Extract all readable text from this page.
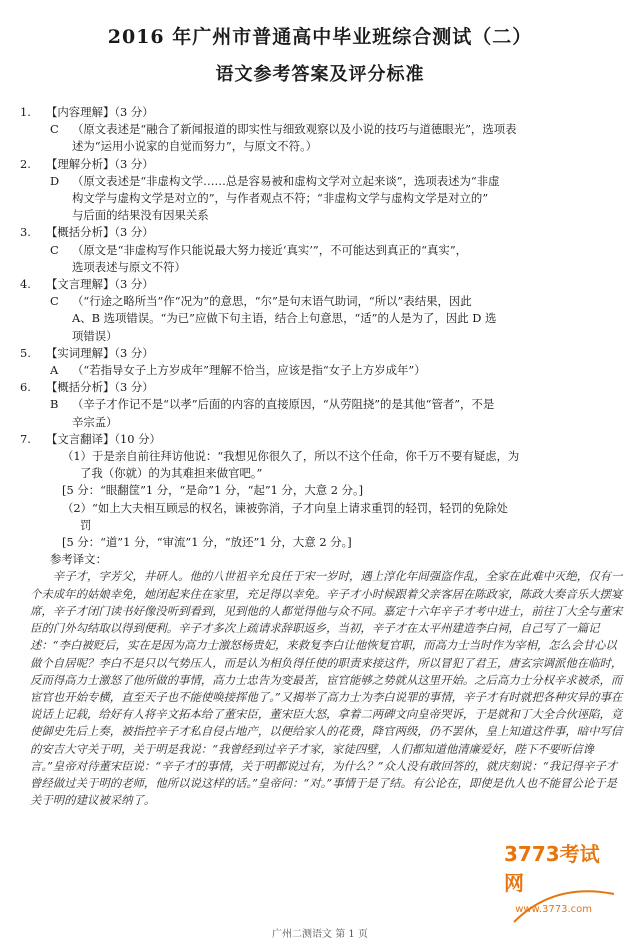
2016 年广州市普通高中毕业班综合测试（二）
语文参考答案及评分标准
1. 【内容理解】（3 分）
C （原文表述是“融合了新闻报道的即实性与细致观察以及小说的技巧与道德眼光”，选项表
述为“运用小说家的自觉而努力”，与原文不符。）
2. 【理解分析】（3 分）
D （原文表述是“非虚构文学……总是容易被和虚构文学对立起来谈”，选项表述为“非虚
构文学与虚构文学是对立的”，与作者观点不符；“非虚构文学与虚构文学是对立的”
与后面的结果没有因果关系
3. 【概括分析】（3 分）
C （原文是“非虚构写作只能说最大努力接近‘真实’”，不可能达到真正的“真实”，
选项表述与原文不符）
4. 【文言理解】（3 分）
C （“行途之略所当”作“况为”的意思，“尔”是句末语气助词，“所以”表结果，因此
A、B 选项错误。“为已”应做下句主语，结合上句意思，“适”的人是为了，因此 D 选
项错误）
5. 【实词理解】（3 分）
A （“若指导女子上方岁成年”理解不恰当，应该是指“女子上方岁成年”）
6. 【概括分析】（3 分）
B （辛子才作记不是“以孝”后面的内容的直接原因，“从劳阻挠”的是其他“管者”，不是
辛宗孟）
7. 【文言翻译】（10 分）
（1）于是亲自前往拜访他说：“我想见你很久了，所以不这个任命，你千万不要有疑虑，为
了我（你就）的为其难担来做官吧。”
[5 分：“眼翻筐”1 分，“是命”1 分，“起”1 分，大意 2 分。]
（2）“如上大夫相互顾忌的权名，谏被弥消，子才向皇上请求重罚的轻罚，轻罚的免除处
罚
[5 分：“道”1 分，“审流”1 分，“放还”1 分，大意 2 分。]
参考译文：
辛子才，字芳父，井研人。他的八世祖辛允良任于宋一岁时，遇上淳化年间强盗作乱，全家在此难中灭绝，仅有一个未成年的姑娘幸免，她闭起来住在家里，充足得以幸免。辛子才小时候跟着父亲客居在陈政家，陈政大奏音乐大摆宴席，辛子才闭门读书好像没听到看到，见到他的人都觉得他与众不同。嘉定十六年辛子才考中进士，前往丁大全与董宋臣的门外勾结取以得到便利。辛子才多次上疏请求辞职返乡，当初，辛子才在太平州建造李白祠，自己写了一篇记述：“李白被贬后，实在是因为高力士激怒杨贵妃，来救复李白让他恢复官职，而高力士当时作为宰相，怎么会甘心以做个自居呢？李白不是只以气势压人，而是认为相负得任使的职责来接这件，所以冒犯了君王，唐玄宗调派他在临时，反而得高力士激怒了他所做的事情，高力士忠告为变最苦，宦官能够之势就从这里开始。之后高力士分权辛求被杀，而宦官也开始专横，直至天子也不能使唤接挥他了。”又揭举了高力士为李白说罪的事情，辛子才有时就把各种灾异的事在说话上记载，给好有人将辛文拓本给了董宋臣，董宋臣大怒，拿着二两碑文向皇帝哭诉，于是就和丁大全合伙诬陷，竟使御史先后上奏，被指控辛子才私自侵占地产，以便给家人的花费，降官两级，仍不罢休，皇上知道这件事，暗中写信的安吉大守关于明，关于明是我说：“我曾经到过辛子才家，家徒四壁，人们都知道他清廉爱好，陛下不要听信谗言。”皇帝对待董宋臣说：“辛子才的事情，关于明都说过有，为什么？”众人没有敢回答的，就庆刻说：“我记得辛子才曾经做过关于明的老师，他所以说这样的话。”皇帝问：“对。”事情于是了结。有公论在，即使是仇人也不能冒公论于是关于明的建议被采纳了。
广州二测语文 第 1 页
3773考试网
www.3773.com
